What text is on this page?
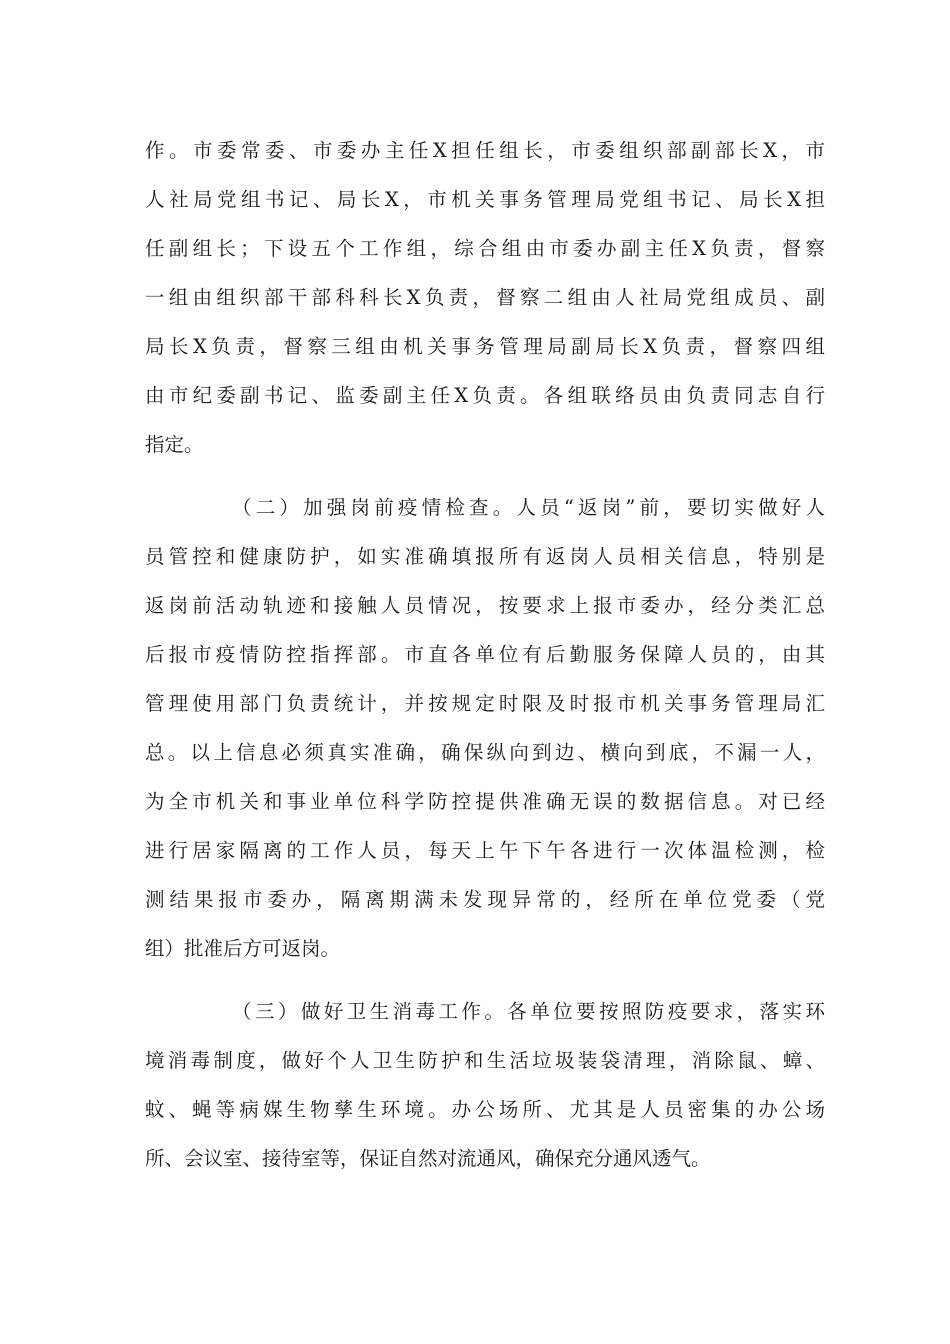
作。市委常委、市委办主任X担任组长，市委组织部副部长X，市
人社局党组书记、局长X，市机关事务管理局党组书记、局长X担
任副组长；下设五个工作组，综合组由市委办副主任X负责，督察
一组由组织部干部科科长X负责，督察二组由人社局党组成员、副
局长X负责，督察三组由机关事务管理局副局长X负责，督察四组
由市纪委副书记、监委副主任X负责。各组联络员由负责同志自行
指定。
（二）加强岗前疫情检查。人员“返岗”前，要切实做好人
员管控和健康防护，如实准确填报所有返岗人员相关信息，特别是
返岗前活动轨迹和接触人员情况，按要求上报市委办，经分类汇总
后报市疫情防控指挥部。市直各单位有后勤服务保障人员的，由其
管理使用部门负责统计，并按规定时限及时报市机关事务管理局汇
总。以上信息必须真实准确，确保纵向到边、横向到底，不漏一人，
为全市机关和事业单位科学防控提供准确无误的数据信息。对已经
进行居家隔离的工作人员，每天上午下午各进行一次体温检测，检
测结果报市委办，隔离期满未发现异常的，经所在单位党委（党
组）批准后方可返岗。
（三）做好卫生消毒工作。各单位要按照防疫要求，落实环
境消毒制度，做好个人卫生防护和生活垃圾装袋清理，消除鼠、蟑、
蚊、蝇等病媒生物孳生环境。办公场所、尤其是人员密集的办公场
所、会议室、接待室等，保证自然对流通风，确保充分通风透气。
